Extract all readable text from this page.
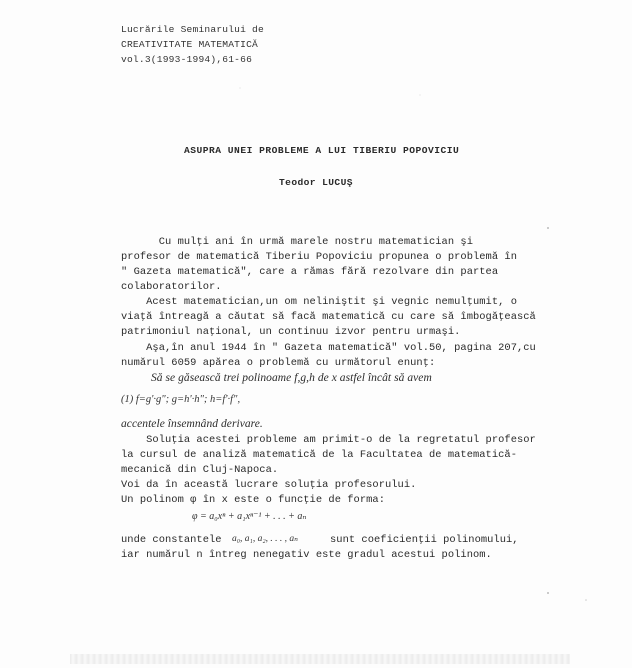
Lucrările Seminarului de
CREATIVITATE MATEMATICĂ
vol.3(1993-1994),61-66
ASUPRA UNEI PROBLEME A LUI TIBERIU POPOVICIU
Teodor LUCUŞ
Cu mulţi ani în urmă marele nostru matematician şi
profesor de matematică Tiberiu Popoviciu propunea o problemă în
" Gazeta matematică", care a rămas fără rezolvare din partea
colaboratorilor.
Acest matematician,un om neliniştit şi vegnic nemulţumit, o
viaţă întreagă a căutat să facă matematică cu care să îmbogăţească
patrimoniul naţional, un continuu izvor pentru urmaşi.
Aşa,în anul 1944 în " Gazeta matematică" vol.50, pagina 207,cu
numărul 6059 apărea o problemă cu următorul enunţ:
Să se găsească trei polinoame f,g,h de x astfel încât să avem
(1) f=g'·g"; g=h'·h"; h=f'·f",
accentele însemnând derivare.
Soluţia acestei probleme am primit-o de la regretatul profesor
la cursul de analiză matematică de la Facultatea de matematică-
mecanică din Cluj-Napoca.
Voi da în această lucrare soluţia profesorului.
Un polinom φ în x este o funcţie de forma:
φ = a₀xⁿ + a₁xⁿ⁻¹ + . . . + aₙ
unde constantele a₀, a₁, a₂, . . . , aₙ	sunt coeficienţii polinomului,
iar numărul n întreg nenegativ este gradul acestui polinom.
